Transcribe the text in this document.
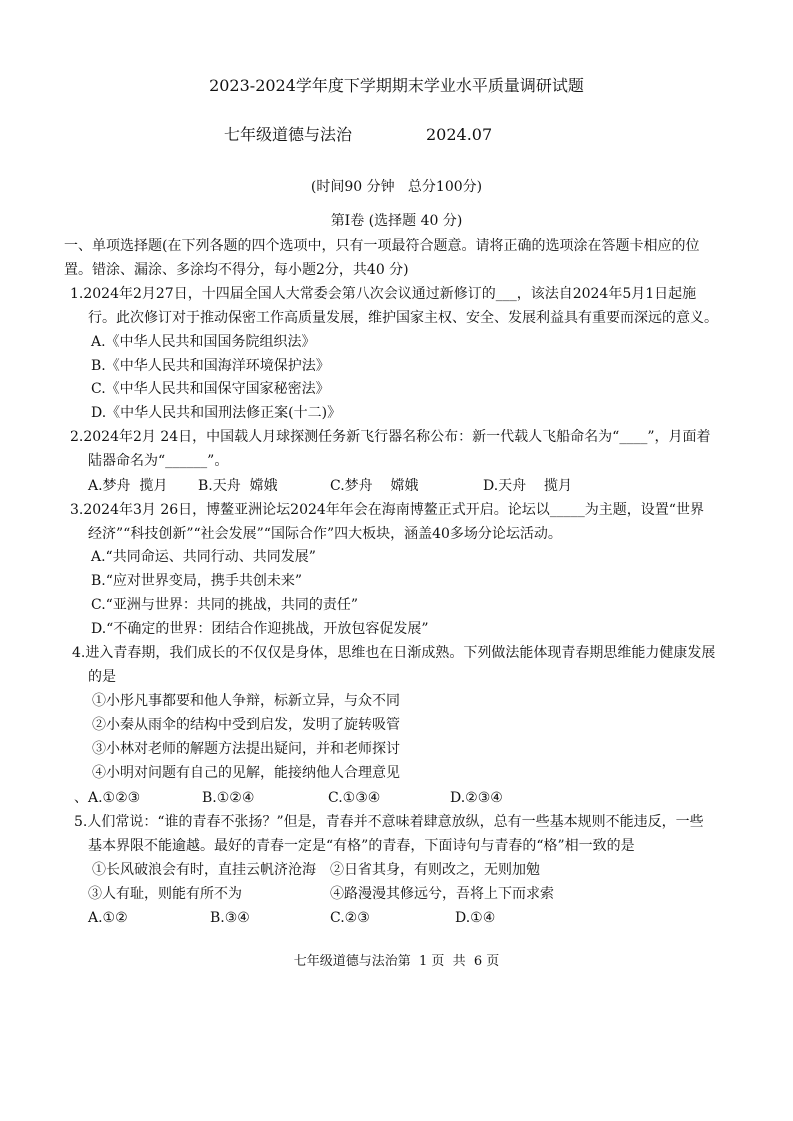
2023-2024学年度下学期期末学业水平质量调研试题
七年级道德与法治	2024.07
(时间90 分钟   总分100分)
第Ⅰ卷 (选择题 40 分)
一、单项选择题(在下列各题的四个选项中，只有一项最符合题意。请将正确的选项涂在答题卡相应的位
置。错涂、漏涂、多涂均不得分，每小题2分，共40 分)
1.2024年2月27日，十四届全国人大常委会第八次会议通过新修订的___，该法自2024年5月1日起施
行。此次修订对于推动保密工作高质量发展，维护国家主权、安全、发展利益具有重要而深远的意义。
A.《中华人民共和国国务院组织法》
B.《中华人民共和国海洋环境保护法》
C.《中华人民共和国保守国家秘密法》
D.《中华人民共和国刑法修正案(十二)》
2.2024年2月 24日，中国载人月球探测任务新飞行器名称公布：新一代载人飞船命名为“____”，月面着
陆器命名为“______”。
A.梦舟  揽月 B.天舟  嫦娥	C.梦舟    嫦娥	D.天舟    揽月
3.2024年3月 26日，博鳌亚洲论坛2024年年会在海南博鳌正式开启。论坛以_____为主题，设置“世界
经济”“科技创新”“社会发展”“国际合作”四大板块，涵盖40多场分论坛活动。
A.“共同命运、共同行动、共同发展”
B.“应对世界变局，携手共创未来”
C.“亚洲与世界：共同的挑战，共同的责任”
D.“不确定的世界：团结合作迎挑战，开放包容促发展”
4.进入青春期，我们成长的不仅仅是身体，思维也在日渐成熟。下列做法能体现青春期思维能力健康发展
的是
①小彤凡事都要和他人争辩，标新立异，与众不同
②小秦从雨伞的结构中受到启发，发明了旋转吸管
③小林对老师的解题方法提出疑问，并和老师探讨
④小明对问题有自己的见解，能接纳他人合理意见
、A.①②③	B.①②④	C.①③④	D.②③④
5.人们常说：“谁的青春不张扬？”但是，青春并不意味着肆意放纵，总有一些基本规则不能违反，一些
基本界限不能逾越。最好的青春一定是“有格”的青春，下面诗句与青春的“格”相一致的是
①长风破浪会有时，直挂云帆济沧海 ②日省其身，有则改之，无则加勉
③人有耻，则能有所不为	④路漫漫其修远兮，吾将上下而求索
A.①②	B.③④	C.②③	D.①④
七年级道德与法治第  1 页  共  6 页
